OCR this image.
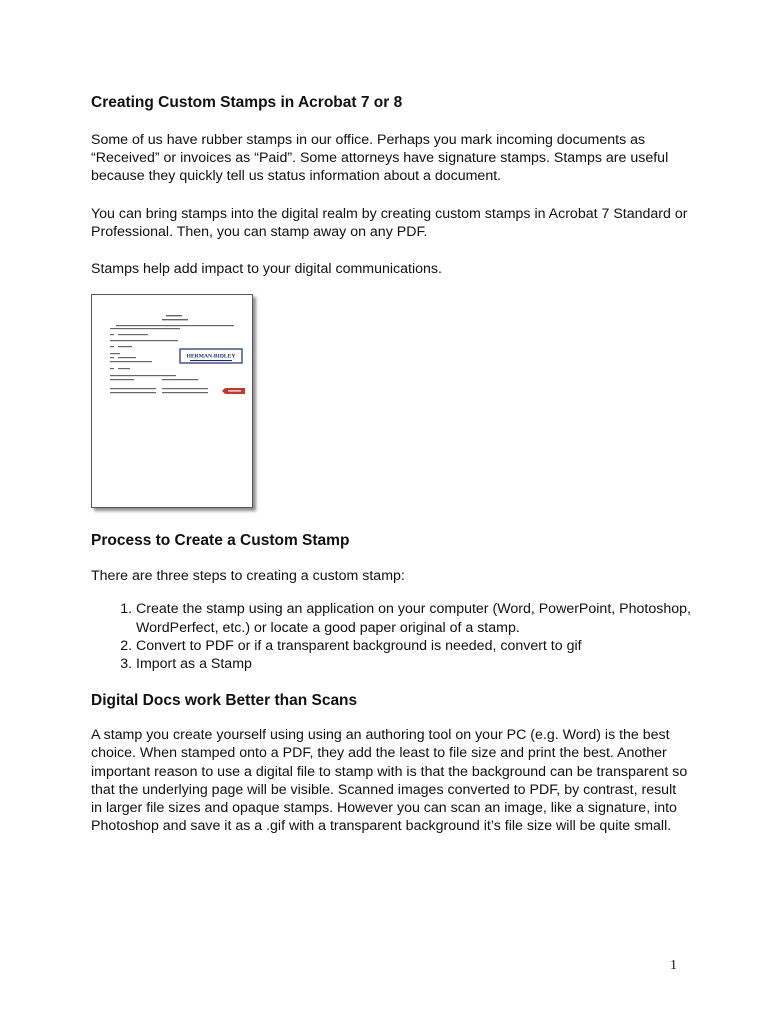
Creating Custom Stamps in Acrobat 7 or 8

Some of us have rubber stamps in our office. Perhaps you mark incoming documents as “Received” or invoices as “Paid”. Some attorneys have signature stamps. Stamps are useful because they quickly tell us status information about a document.

You can bring stamps into the digital realm by creating custom stamps in Acrobat 7 Standard or Professional. Then, you can stamp away on any PDF.

Stamps help add impact to your digital communications.

HERMAN-BIDLEY
Process to Create a Custom Stamp

There are three steps to creating a custom stamp:

1. Create the stamp using an application on your computer (Word, PowerPoint, Photoshop, WordPerfect, etc.) or locate a good paper original of a stamp.
2. Convert to PDF or if a transparent background is needed, convert to gif
3. Import as a Stamp
Digital Docs work Better than Scans

A stamp you create yourself using using an authoring tool on your PC (e.g. Word) is the best choice. When stamped onto a PDF, they add the least to file size and print the best. Another important reason to use a digital file to stamp with is that the background can be transparent so that the underlying page will be visible. Scanned images converted to PDF, by contrast, result in larger file sizes and opaque stamps. However you can scan an image, like a signature, into Photoshop and save it as a .gif with a transparent background it’s file size will be quite small.

1
